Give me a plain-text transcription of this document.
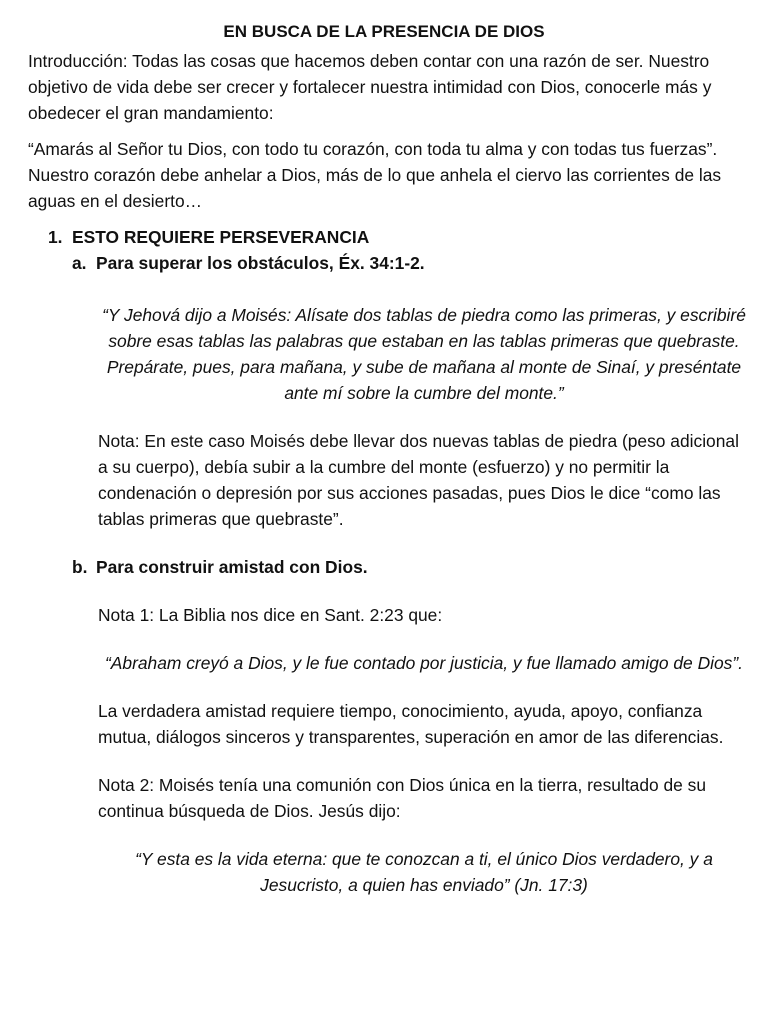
EN BUSCA DE LA PRESENCIA DE DIOS

Introducción: Todas las cosas que hacemos deben contar con una razón de ser. Nuestro objetivo de vida debe ser crecer y fortalecer nuestra intimidad con Dios, conocerle más y obedecer el gran mandamiento:

“Amarás al Señor tu Dios, con todo tu corazón, con toda tu alma y con todas tus fuerzas”. Nuestro corazón debe anhelar a Dios, más de lo que anhela el ciervo las corrientes de las aguas en el desierto…

1. ESTO REQUIERE PERSEVERANCIA
a. Para superar los obstáculos, Éx. 34:1-2.
“Y Jehová dijo a Moisés: Alísate dos tablas de piedra como las primeras, y escribiré sobre esas tablas las palabras que estaban en las tablas primeras que quebraste. Prepárate, pues, para mañana, y sube de mañana al monte de Sinaí, y preséntate ante mí sobre la cumbre del monte.”
Nota: En este caso Moisés debe llevar dos nuevas tablas de piedra (peso adicional a su cuerpo), debía subir a la cumbre del monte (esfuerzo) y no permitir la condenación o depresión por sus acciones pasadas, pues Dios le dice “como las tablas primeras que quebraste”.
b. Para construir amistad con Dios.
Nota 1: La Biblia nos dice en Sant. 2:23 que:
“Abraham creyó a Dios, y le fue contado por justicia, y fue llamado amigo de Dios”.
La verdadera amistad requiere tiempo, conocimiento, ayuda, apoyo, confianza mutua, diálogos sinceros y transparentes, superación en amor de las diferencias.
Nota 2: Moisés tenía una comunión con Dios única en la tierra, resultado de su continua búsqueda de Dios. Jesús dijo:
“Y esta es la vida eterna: que te conozcan a ti, el único Dios verdadero, y a Jesucristo, a quien has enviado” (Jn. 17:3)
